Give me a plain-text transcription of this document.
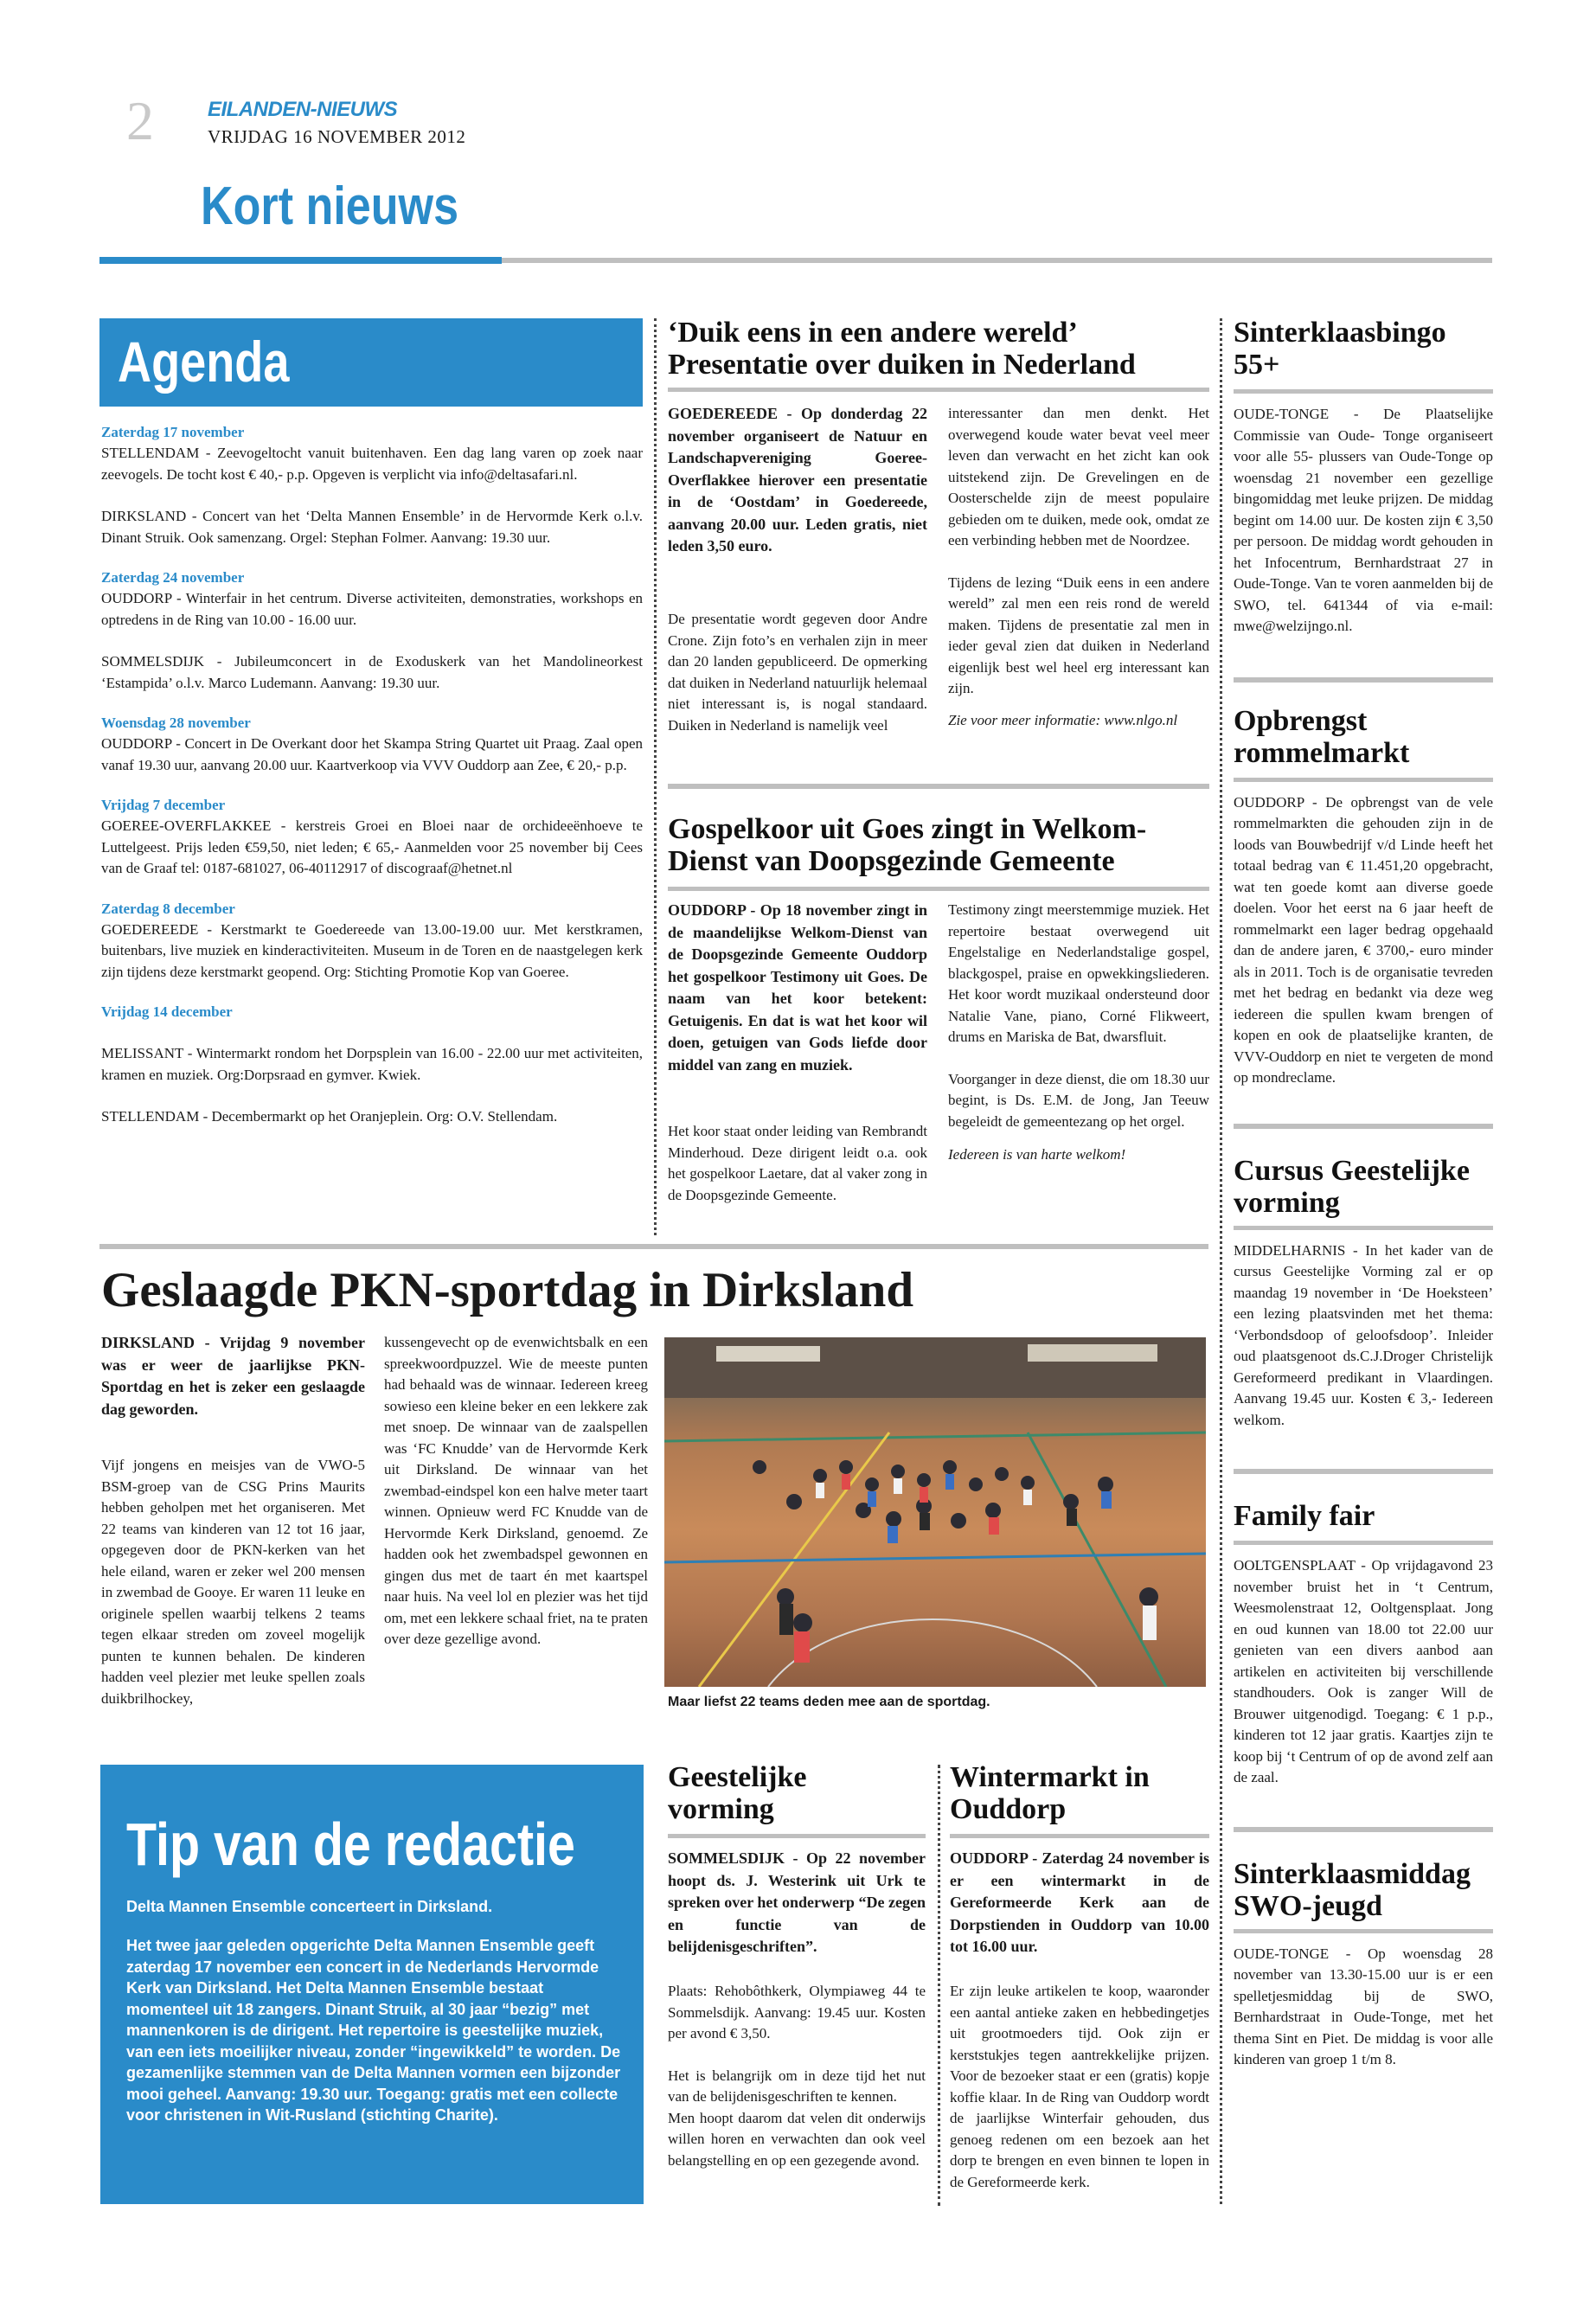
2	EILANDEN-NIEUWS
VRIJDAG 16 NOVEMBER 2012
Kort nieuws
Agenda
Zaterdag 17 november
STELLENDAM - Zeevogeltocht vanuit buitenhaven. Een dag lang varen op zoek naar zeevogels. De tocht kost € 40,- p.p. Opgeven is verplicht via info@deltasafari.nl.
DIRKSLAND - Concert van het ‘Delta Mannen Ensemble’ in de Hervormde Kerk o.l.v. Dinant Struik. Ook samenzang. Orgel: Stephan Folmer. Aanvang: 19.30 uur.
Zaterdag 24 november
OUDDORP - Winterfair in het centrum. Diverse activiteiten, demonstraties, workshops en optredens in de Ring van 10.00 - 16.00 uur.
SOMMELSDIJK - Jubileumconcert in de Exoduskerk van het Mandolineorkest ‘Estampida’ o.l.v. Marco Ludemann. Aanvang: 19.30 uur.
Woensdag 28 november
OUDDORP - Concert in De Overkant door het Skampa String Quartet uit Praag. Zaal open vanaf 19.30 uur, aanvang 20.00 uur. Kaartverkoop via VVV Ouddorp aan Zee, € 20,- p.p.
Vrijdag 7 december
GOEREE-OVERFLAKKEE - kerstreis Groei en Bloei naar de orchideeënhoeve te Luttelgeest. Prijs leden €59,50, niet leden; € 65,- Aanmelden voor 25 november bij Cees van de Graaf tel: 0187-681027, 06-40112917 of discograaf@hetnet.nl
Zaterdag 8 december
GOEDEREEDE - Kerstmarkt te Goedereede van 13.00-19.00 uur. Met kerstkramen, buitenbars, live muziek en kinderactiviteiten. Museum in de Toren en de naastgelegen kerk zijn tijdens deze kerstmarkt geopend. Org: Stichting Promotie Kop van Goeree.
Vrijdag 14 december
MELISSANT - Wintermarkt rondom het Dorpsplein van 16.00 - 22.00 uur met activiteiten, kramen en muziek. Org:Dorpsraad en gymver. Kwiek.
STELLENDAM - Decembermarkt op het Oranjeplein. Org: O.V. Stellendam.
‘Duik eens in een andere wereld’ Presentatie over duiken in Nederland
GOEDEREEDE - Op donderdag 22 november organiseert de Natuur en Landschapvereniging Goeree-Overflakkee hierover een presentatie in de ‘Oostdam’ in Goedereede, aanvang 20.00 uur. Leden gratis, niet leden 3,50 euro.
De presentatie wordt gegeven door Andre Crone. Zijn foto’s en verhalen zijn in meer dan 20 landen gepubliceerd. De opmerking dat duiken in Nederland natuurlijk helemaal niet interessant is, is nogal standaard. Duiken in Nederland is namelijk veel

interessanter dan men denkt. Het overwegend koude water bevat veel meer leven dan verwacht en het zicht kan ook uitstekend zijn. De Grevelingen en de Oosterschelde zijn de meest populaire gebieden om te duiken, mede ook, omdat ze een verbinding hebben met de Noordzee.

Tijdens de lezing “Duik eens in een andere wereld” zal men een reis rond de wereld maken. Tijdens de presentatie zal men in ieder geval zien dat duiken in Nederland eigenlijk best wel heel erg interessant kan zijn.

Zie voor meer informatie: www.nlgo.nl

Gospelkoor uit Goes zingt in Welkom-Dienst van Doopsgezinde Gemeente
OUDDORP - Op 18 november zingt in de maandelijkse Welkom-Dienst van de Doopsgezinde Gemeente Ouddorp het gospelkoor Testimony uit Goes. De naam van het koor betekent: Getuigenis. En dat is wat het koor wil doen, getuigen van Gods liefde door middel van zang en muziek.
Het koor staat onder leiding van Rembrandt Minderhoud. Deze dirigent leidt o.a. ook het gospelkoor Laetare, dat al vaker zong in de Doopsgezinde Gemeente.

Testimony zingt meerstemmige muziek. Het repertoire bestaat overwegend uit Engelstalige en Nederlandstalige gospel, blackgospel, praise en opwekkingsliederen. Het koor wordt muzikaal ondersteund door Natalie Vane, piano, Corné Flikweert, drums en Mariska de Bat, dwarsfluit.

Voorganger in deze dienst, die om 18.30 uur begint, is Ds. E.M. de Jong, Jan Teeuw begeleidt de gemeentezang op het orgel.

Iedereen is van harte welkom!

Sinterklaasbingo 55+
OUDE-TONGE - De Plaatselijke Commissie van Oude- Tonge organiseert voor alle 55- plussers van Oude-Tonge op woensdag 21 november een gezellige bingomiddag met leuke prijzen. De middag begint om 14.00 uur. De kosten zijn € 3,50 per persoon. De middag wordt gehouden in het Infocentrum, Bernhardstraat 27 in Oude-Tonge. Van te voren aanmelden bij de SWO, tel. 641344 of via e-mail: mwe@welzijngo.nl.
Opbrengst rommelmarkt
OUDDORP - De opbrengst van de vele rommelmarkten die gehouden zijn in de loods van Bouwbedrijf v/d Linde heeft het totaal bedrag van € 11.451,20 opgebracht, wat ten goede komt aan diverse goede doelen. Voor het eerst na 6 jaar heeft de rommelmarkt een lager bedrag opgehaald dan de andere jaren, € 3700,- euro minder als in 2011. Toch is de organisatie tevreden met het bedrag en bedankt via deze weg iedereen die spullen kwam brengen of kopen en ook de plaatselijke kranten, de VVV-Ouddorp en niet te vergeten de mond op mondreclame.
Cursus Geestelijke vorming
MIDDELHARNIS - In het kader van de cursus Geestelijke Vorming zal er op maandag 19 november in ‘De Hoeksteen’ een lezing plaatsvinden met het thema: ‘Verbondsdoop of geloofsdoop’. Inleider oud plaatsgenoot ds.C.J.Droger Christelijk Gereformeerd predikant in Vlaardingen. Aanvang 19.45 uur. Kosten € 3,- Iedereen welkom.
Family fair
OOLTGENSPLAAT - Op vrijdagavond 23 november bruist het in ‘t Centrum, Weesmolenstraat 12, Ooltgensplaat. Jong en oud kunnen van 18.00 tot 22.00 uur genieten van een divers aanbod aan artikelen en activiteiten bij verschillende standhouders. Ook is zanger Will de Brouwer uitgenodigd. Toegang: € 1 p.p., kinderen tot 12 jaar gratis. Kaartjes zijn te koop bij ‘t Centrum of op de avond zelf aan de zaal.
Sinterklaasmiddag SWO-jeugd
OUDE-TONGE - Op woensdag 28 november van 13.30-15.00 uur is er een spelletjesmiddag bij de SWO, Bernhardstraat in Oude-Tonge, met het thema Sint en Piet. De middag is voor alle kinderen van groep 1 t/m 8.
Geslaagde PKN-sportdag in Dirksland
DIRKSLAND - Vrijdag 9 november was er weer de jaarlijkse PKN-Sportdag en het is zeker een geslaagde dag geworden.
Vijf jongens en meisjes van de VWO-5 BSM-groep van de CSG Prins Maurits hebben geholpen met het organiseren. Met 22 teams van kinderen van 12 tot 16 jaar, opgegeven door de PKN-kerken van het hele eiland, waren er zeker wel 200 mensen in zwembad de Gooye. Er waren 11 leuke en originele spellen waarbij telkens 2 teams tegen elkaar streden om zoveel mogelijk punten te kunnen behalen. De kinderen hadden veel plezier met leuke spellen zoals duikbrilhockey,
kussengevecht op de evenwichtsbalk en een spreekwoordpuzzel. Wie de meeste punten had behaald was de winnaar. Iedereen kreeg sowieso een kleine beker en een lekkere zak met snoep. De winnaar van de zaalspellen was ‘FC Knudde’ van de Hervormde Kerk uit Dirksland. De winnaar van het zwembad-eindspel kon een halve meter taart winnen. Opnieuw werd FC Knudde van de Hervormde Kerk Dirksland, genoemd. Ze hadden ook het zwembadspel gewonnen en gingen dus met de taart én met kaartspel naar huis. Na veel lol en plezier was het tijd om, met een lekkere schaal friet, na te praten over deze gezellige avond.
Maar liefst 22 teams deden mee aan de sportdag.
Tip van de redactie
Delta Mannen Ensemble concerteert in Dirksland.
Het twee jaar geleden opgerichte Delta Mannen Ensemble geeft zaterdag 17 november een concert in de Nederlands Hervormde Kerk van Dirksland. Het Delta Mannen Ensemble bestaat momenteel uit 18 zangers. Dinant Struik, al 30 jaar “bezig” met mannenkoren is de dirigent. Het repertoire is geestelijke muziek, van een iets moeilijker niveau, zonder “ingewikkeld” te worden. De gezamenlijke stemmen van de Delta Mannen vormen een bijzonder mooi geheel. Aanvang: 19.30 uur. Toegang: gratis met een collecte voor christenen in Wit-Rusland (stichting Charite).
Geestelijke vorming
SOMMELSDIJK - Op 22 november hoopt ds. J. Westerink uit Urk te spreken over het onderwerp “De zegen en functie van de belijdenisgeschriften”.

Plaats: Rehobôthkerk, Olympiaweg 44 te Sommelsdijk. Aanvang: 19.45 uur. Kosten per avond € 3,50.

Het is belangrijk om in deze tijd het nut van de belijdenisgeschriften te kennen.

Men hoopt daarom dat velen dit onderwijs willen horen en verwachten dan ook veel belangstelling en op een gezegende avond.

Wintermarkt in Ouddorp
OUDDORP - Zaterdag 24 november is er een wintermarkt in de Gereformeerde Kerk aan de Dorpstienden in Ouddorp van 10.00 tot 16.00 uur.
Er zijn leuke artikelen te koop, waaronder een aantal antieke zaken en hebbedingetjes uit grootmoeders tijd. Ook zijn er kerststukjes tegen aantrekkelijke prijzen. Voor de bezoeker staat er een (gratis) kopje koffie klaar. In de Ring van Ouddorp wordt de jaarlijkse Winterfair gehouden, dus genoeg redenen om een bezoek aan het dorp te brengen en even binnen te lopen in de Gereformeerde kerk.
